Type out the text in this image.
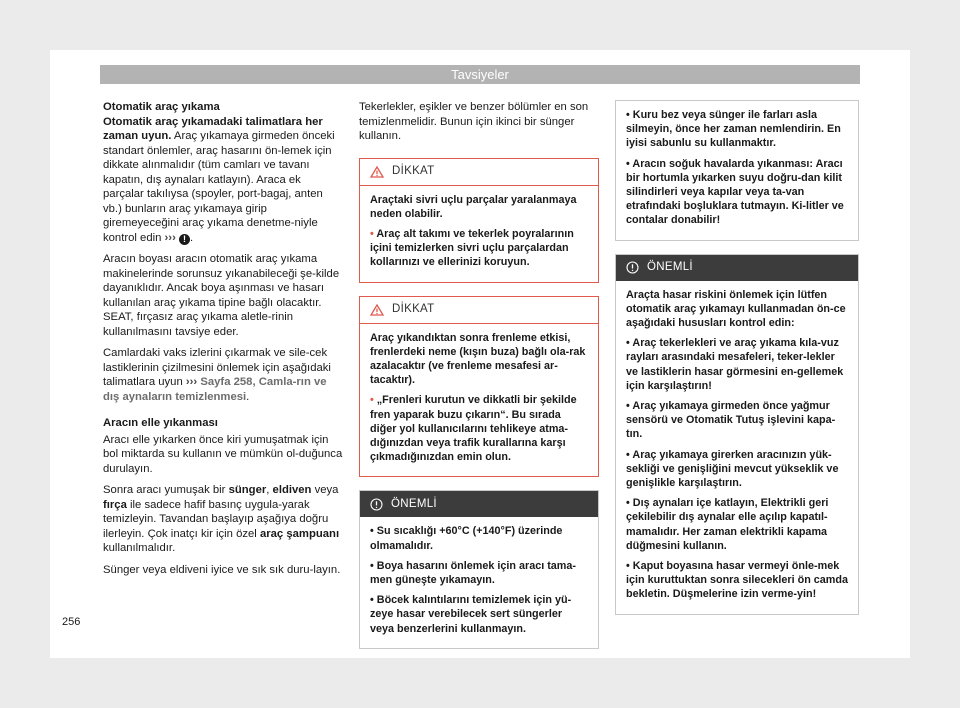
Tavsiyeler
Otomatik araç yıkama

Otomatik araç yıkamadaki talimatlara her zaman uyun. Araç yıkamaya girmeden önceki standart önlemler, araç hasarını ön-lemek için dikkate alınmalıdır (tüm camları ve tavanı kapatın, dış aynaları katlayın). Araca ek parçalar takılıysa (spoyler, port-bagaj, anten vb.) bunların araç yıkamaya girip giremeyeceğini araç yıkama denetme-niyle kontrol edin ››› ! .

Aracın boyası aracın otomatik araç yıkama makinelerinde sorunsuz yıkanabileceği şe-kilde dayanıklıdır. Ancak boya aşınması ve hasarı kullanılan araç yıkama tipine bağlı olacaktır. SEAT, fırçasız araç yıkama aletle-rinin kullanılmasını tavsiye eder.

Camlardaki vaks izlerini çıkarmak ve sile-cek lastiklerinin çizilmesini önlemek için aşağıdaki talimatlara uyun ››› Sayfa 258, Camla-rın ve dış aynaların temizlenmesi.

Aracın elle yıkanması

Aracı elle yıkarken önce kiri yumuşatmak için bol miktarda su kullanın ve mümkün ol-duğunca durulayın.

Sonra aracı yumuşak bir sünger, eldiven veya fırça ile sadece hafif basınç uygula-yarak temizleyin. Tavandan başlayıp aşağıya doğru ilerleyin. Çok inatçı kir için özel araç şampuanı kullanılmalıdır.

Sünger veya eldiveni iyice ve sık sık duru-layın.

Tekerlekler, eşikler ve benzer bölümler en son temizlenmelidir. Bunun için ikinci bir sünger kullanın.

DİKKAT

Araçtaki sivri uçlu parçalar yaralanmaya neden olabilir.

• Araç alt takımı ve tekerlek poyralarının içini temizlerken sivri uçlu parçalardan kollarınızı ve ellerinizi koruyun.

DİKKAT

Araç yıkandıktan sonra frenleme etkisi, frenlerdeki neme (kışın buza) bağlı ola-rak azalacaktır (ve frenleme mesafesi ar-tacaktır).

• „Frenleri kurutun ve dikkatli bir şekilde fren yaparak buzu çıkarın“. Bu sırada diğer yol kullanıcılarını tehlikeye atma-dığınızdan veya trafik kurallarına karşı çıkmadığınızdan emin olun.

ÖNEMLİ

• Su sıcaklığı +60°C (+140°F) üzerinde olmamalıdır.

• Boya hasarını önlemek için aracı tama-men güneşte yıkamayın.

• Böcek kalıntılarını temizlemek için yü-zeye hasar verebilecek sert süngerler veya benzerlerini kullanmayın.

• Kuru bez veya sünger ile farları asla silmeyin, önce her zaman nemlendirin. En iyisi sabunlu su kullanmaktır.

• Aracın soğuk havalarda yıkanması: Aracı bir hortumla yıkarken suyu doğru-dan kilit silindirleri veya kapılar veya ta-van etrafındaki boşluklara tutmayın. Ki-litler ve contalar donabilir!

ÖNEMLİ

Araçta hasar riskini önlemek için lütfen otomatik araç yıkamayı kullanmadan ön-ce aşağıdaki hususları kontrol edin:

• Araç tekerlekleri ve araç yıkama kıla-vuz rayları arasındaki mesafeleri, teker-lekler ve lastiklerin hasar görmesini en-gellemek için karşılaştırın!

• Araç yıkamaya girmeden önce yağmur sensörü ve Otomatik Tutuş işlevini kapa-tın.

• Araç yıkamaya girerken aracınızın yük-sekliği ve genişliğini mevcut yükseklik ve genişlikle karşılaştırın.

• Dış aynaları içe katlayın, Elektrikli geri çekilebilir dış aynalar elle açılıp kapatıl-mamalıdır. Her zaman elektrikli kapama düğmesini kullanın.

• Kaput boyasına hasar vermeyi önle-mek için kuruttuktan sonra silecekleri ön camda bekletin. Düşmelerine izin verme-yin!

256
